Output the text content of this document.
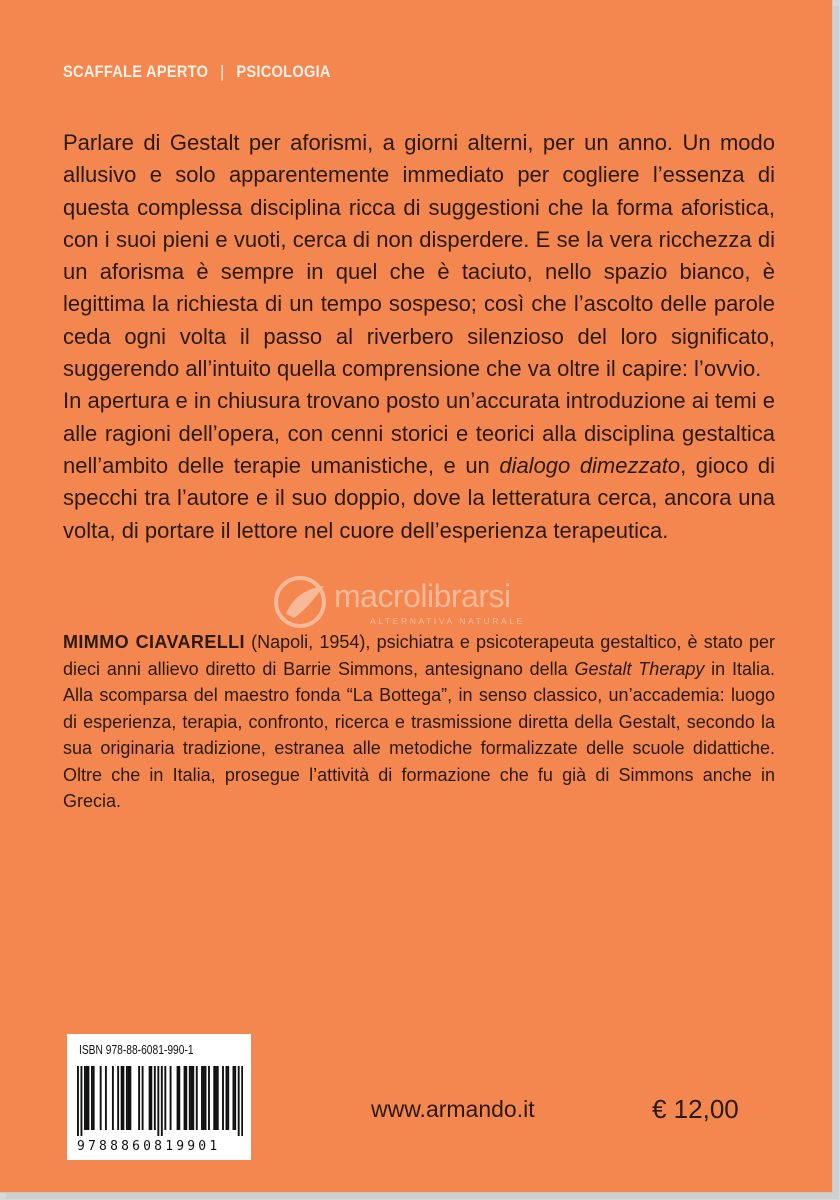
SCAFFALE APERTO | PSICOLOGIA

Parlare di Gestalt per aforismi, a giorni alterni, per un anno. Un modo allusivo e solo apparentemente immediato per cogliere l’essenza di questa complessa disciplina ricca di suggestioni che la forma aforistica, con i suoi pieni e vuoti, cerca di non disperdere. E se la vera ricchezza di un aforisma è sempre in quel che è taciuto, nello spazio bianco, è legittima la richiesta di un tempo sospeso; così che l’ascolto delle parole ceda ogni volta il passo al riverbero silenzioso del loro significato, suggerendo all’intuito quella comprensione che va oltre il capire: l’ovvio.

In apertura e in chiusura trovano posto un’accurata introduzione ai temi e alle ragioni dell’opera, con cenni storici e teorici alla disciplina gestaltica nell’ambito delle terapie umanistiche, e un dialogo dimezzato, gioco di specchi tra l’autore e il suo doppio, dove la letteratura cerca, ancora una volta, di portare il lettore nel cuore dell’esperienza terapeutica.

macrolibrarsi
ALTERNATIVA NATURALE

MIMMO CIAVARELLI (Napoli, 1954), psichiatra e psicoterapeuta gestaltico, è stato per dieci anni allievo diretto di Barrie Simmons, antesignano della Gestalt Therapy in Italia. Alla scomparsa del maestro fonda “La Bottega”, in senso classico, un’accademia: luogo di esperienza, terapia, confronto, ricerca e trasmissione diretta della Gestalt, secondo la sua originaria tradizione, estranea alle metodiche formalizzate delle scuole didattiche. Oltre che in Italia, prosegue l’attività di formazione che fu già di Simmons anche in Grecia.

ISBN 978-88-6081-990-1
9788860819901
www.armando.it	€ 12,00
